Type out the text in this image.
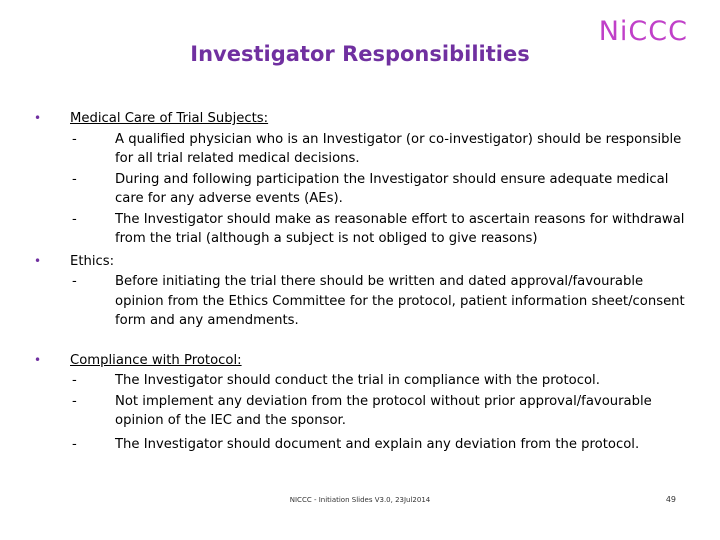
Investigator Responsibilities
NiCCC
• Medical Care of Trial Subjects:
-	A qualified physician who is an Investigator (or co-investigator) should be responsible for all trial related medical decisions.
-	During and following participation the Investigator should ensure adequate medical care for any adverse events (AEs).
-	The Investigator should make as reasonable effort to ascertain reasons for withdrawal from the trial (although a subject is not obliged to give reasons)
• Ethics:
-	Before initiating the trial there should be written and dated approval/favourable opinion from the Ethics Committee for the protocol, patient information sheet/consent form and any amendments.
• Compliance with Protocol:
-	The Investigator should conduct the trial in compliance with the protocol.
-	Not implement any deviation from the protocol without prior approval/favourable opinion of the IEC and the sponsor.
-	The Investigator should document and explain any deviation from the protocol.
NICCC - Initiation Slides V3.0, 23Jul2014	49
